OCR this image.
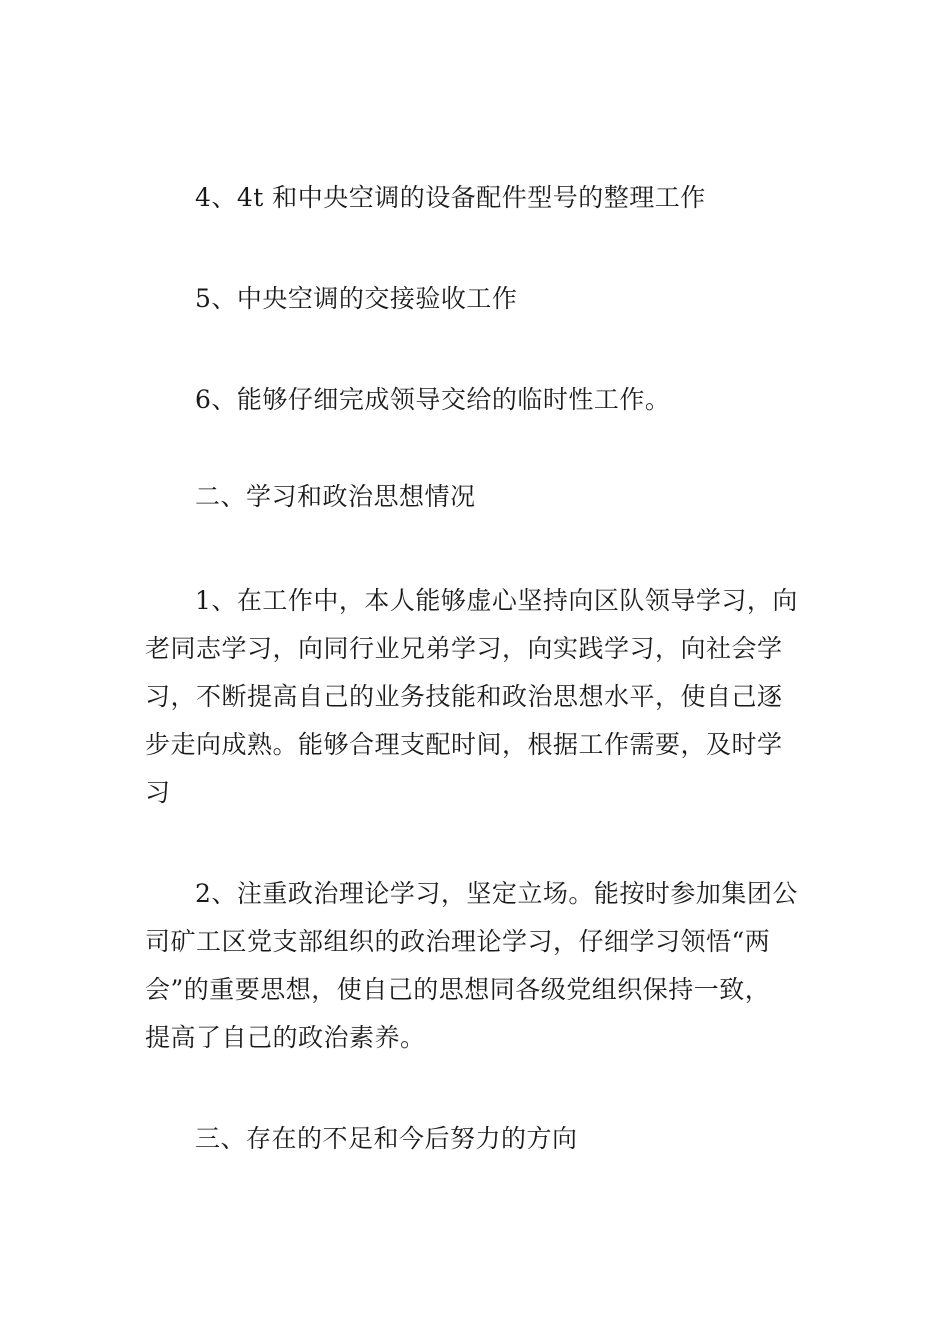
4、4t 和中央空调的设备配件型号的整理工作
5、中央空调的交接验收工作
6、能够仔细完成领导交给的临时性工作。
二、学习和政治思想情况
1、在工作中，本人能够虚心坚持向区队领导学习，向
老同志学习，向同行业兄弟学习，向实践学习，向社会学
习，不断提高自己的业务技能和政治思想水平，使自己逐
步走向成熟。能够合理支配时间，根据工作需要，及时学
习
2、注重政治理论学习，坚定立场。能按时参加集团公
司矿工区党支部组织的政治理论学习，仔细学习领悟“两
会”的重要思想，使自己的思想同各级党组织保持一致，
提高了自己的政治素养。
三、存在的不足和今后努力的方向
